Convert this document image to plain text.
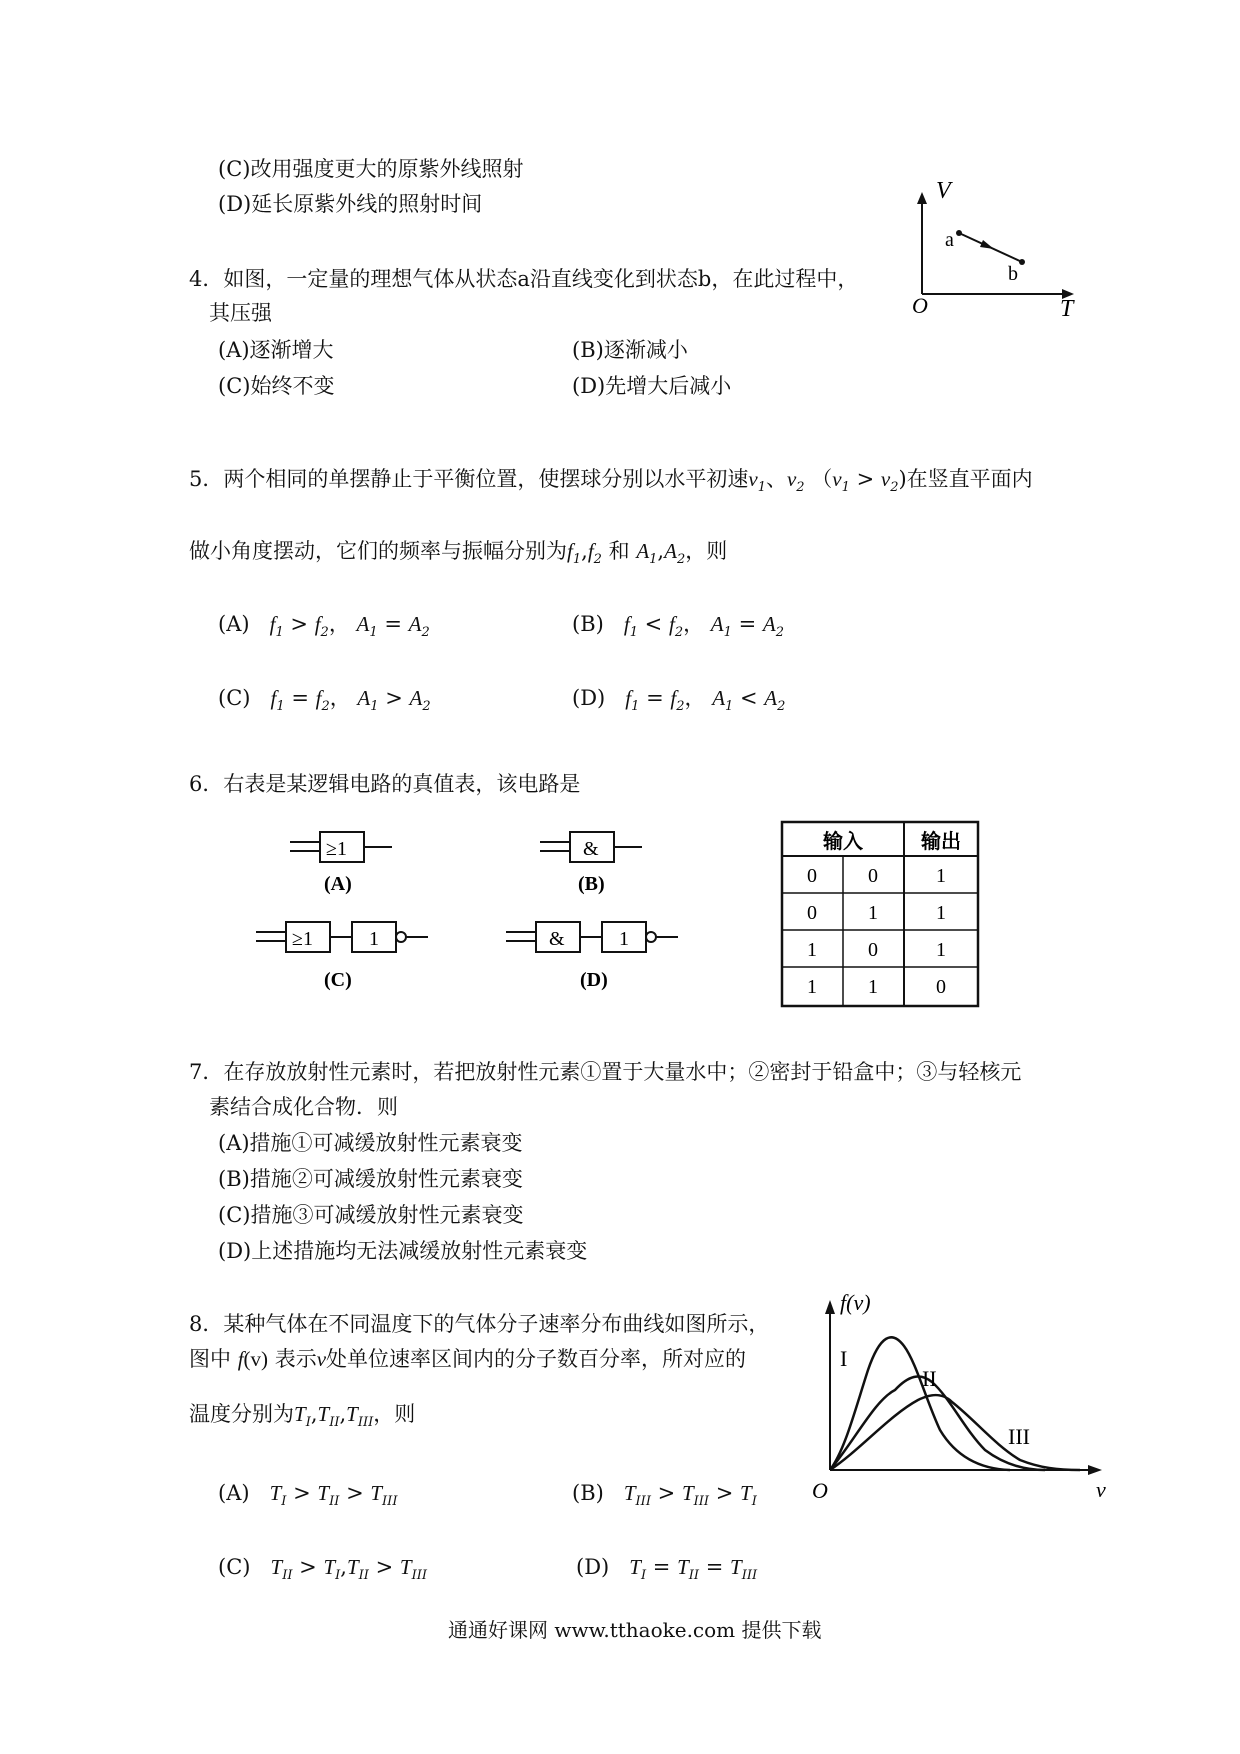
(C)改用强度更大的原紫外线照射
(D)延长原紫外线的照射时间
4．如图，一定量的理想气体从状态a沿直线变化到状态b，在此过程中，
其压强
(A)逐渐增大	(B)逐渐减小
(C)始终不变	(D)先增大后减小
V
T
O
a
b
5．两个相同的单摆静止于平衡位置，使摆球分别以水平初速$v_1$、$v_2$ $(v_1 > v_2)$在竖直平面内
做小角度摆动，它们的频率与振幅分别为$f_1,f_2$ 和 $A_1,A_2$，则
(A) $f_1 > f_2$， $A_1 = A_2$	(B) $f_1 < f_2$， $A_1 = A_2$
(C) $f_1 = f_2$， $A_1 > A_2$	(D) $f_1 = f_2$， $A_1 < A_2$
6．右表是某逻辑电路的真值表，该电路是
≥1
(A)
&
(B)
≥1	1
(C)
&	1
(D)
输入	输出
0	0	1
0	1	1
1	0	1
1	1	0
7．在存放放射性元素时，若把放射性元素①置于大量水中；②密封于铅盒中；③与轻核元
素结合成化合物．则
(A)措施①可减缓放射性元素衰变
(B)措施②可减缓放射性元素衰变
(C)措施③可减缓放射性元素衰变
(D)上述措施均无法减缓放射性元素衰变
8．某种气体在不同温度下的气体分子速率分布曲线如图所示，
图中 f(v) 表示v处单位速率区间内的分子数百分率，所对应的
温度分别为$T_I,T_{II},T_{III}$，则
(A) $T_I > T_{II} > T_{III}$	(B) $T_{III} > T_{III} > T_I$
(C) $T_{II} > T_I,T_{II} > T_{III}$	(D) $T_I = T_{II} = T_{III}$
f(v)
v
O
I
II
III
通通好课网 www.tthaoke.com 提供下载
